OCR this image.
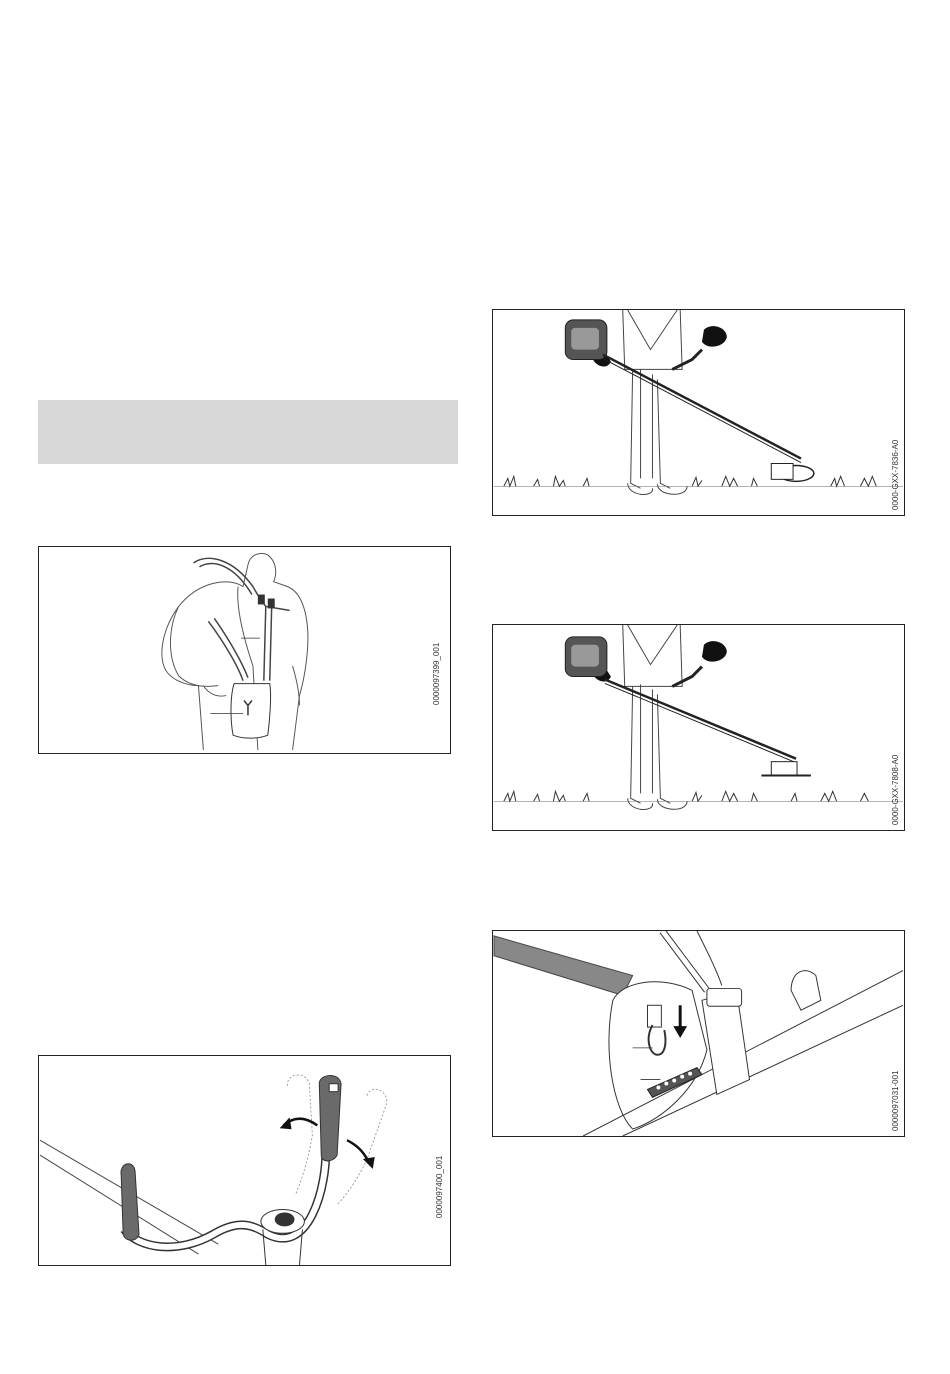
0000097399_001
0000097400_001
0000-GXX-7836-A0
0000-GXX-7808-A0
0000097031-001
